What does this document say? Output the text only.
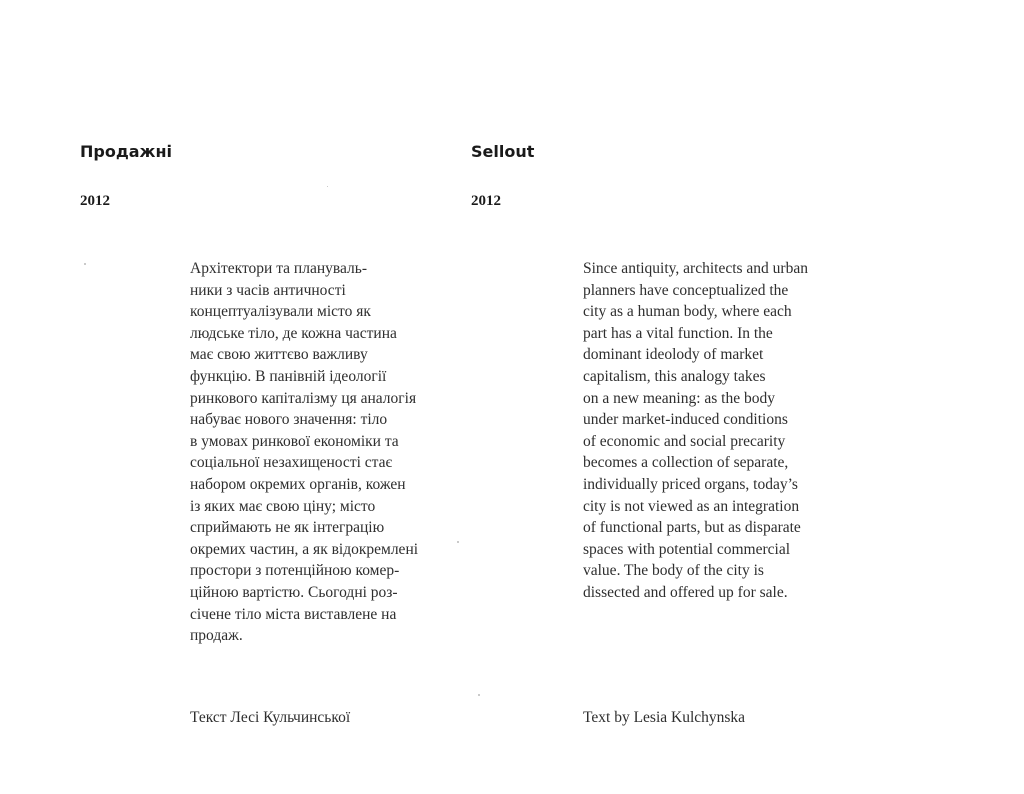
Продажні
2012
Архітектори та плануваль-
ники з часів античності
концептуалізували місто як
людське тіло, де кожна частина
має свою життєво важливу
функцію. В панівній ідеології
ринкового капіталізму ця аналогія
набуває нового значення: тіло
в умовах ринкової економіки та
соціальної незахищеності стає
набором окремих органів, кожен
із яких має свою ціну; місто
сприймають не як інтеграцію
окремих частин, а як відокремлені
простори з потенційною комер-
ційною вартістю. Сьогодні роз-
січене тіло міста виставлене на
продаж.
Текст Лесі Кульчинської
Sellout
2012
Since antiquity, architects and urban
planners have conceptualized the
city as a human body, where each
part has a vital function. In the
dominant ideolody of market
capitalism, this analogy takes
on a new meaning: as the body
under market-induced conditions
of economic and social precarity
becomes a collection of separate,
individually priced organs, today’s
city is not viewed as an integration
of functional parts, but as disparate
spaces with potential commercial
value. The body of the city is
dissected and offered up for sale.
Text by Lesia Kulchynska
